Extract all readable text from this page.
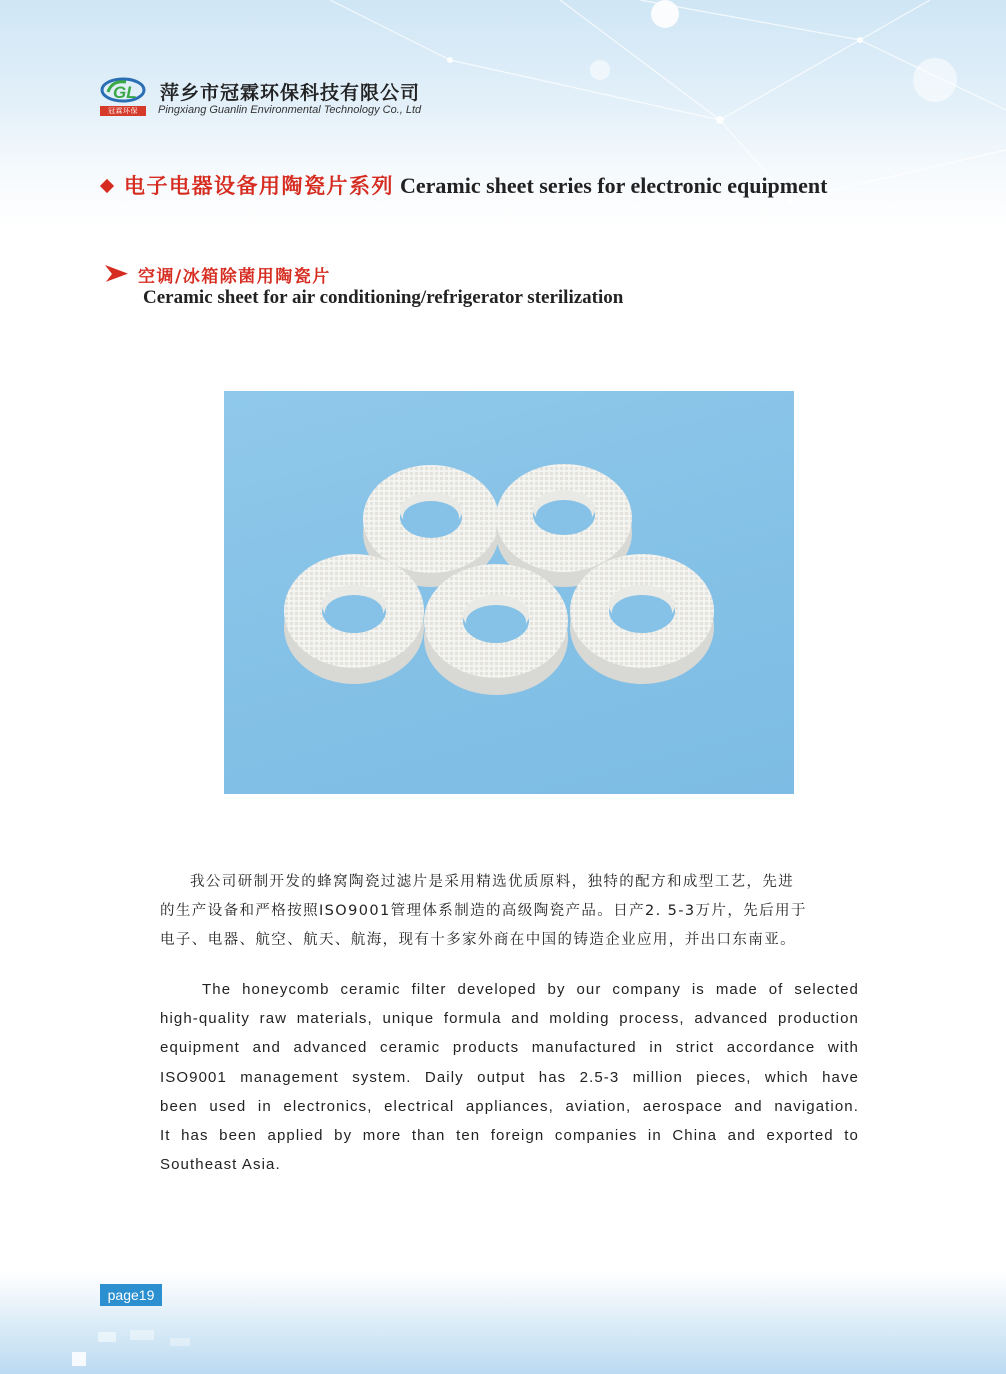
GL
冠霖环保
萍乡市冠霖环保科技有限公司
Pingxiang Guanlin Environmental Technology Co., Ltd
电子电器设备用陶瓷片系列 Ceramic sheet series for electronic equipment
空调/冰箱除菌用陶瓷片
Ceramic sheet for air conditioning/refrigerator sterilization
我公司研制开发的蜂窝陶瓷过滤片是采用精选优质原料，独特的配方和成型工艺，先进
的生产设备和严格按照ISO9001管理体系制造的高级陶瓷产品。日产2. 5-3万片，先后用于
电子、电器、航空、航天、航海，现有十多家外商在中国的铸造企业应用，并出口东南亚。
The honeycomb ceramic filter developed by our company is made of selected
high-quality raw materials, unique formula and molding process, advanced production
equipment and advanced ceramic products manufactured in strict accordance with
ISO9001 management system. Daily output has 2.5-3 million pieces, which have
been used in electronics, electrical appliances, aviation, aerospace and navigation.
It has been applied by more than ten foreign companies in China and exported to
Southeast Asia.
page19
